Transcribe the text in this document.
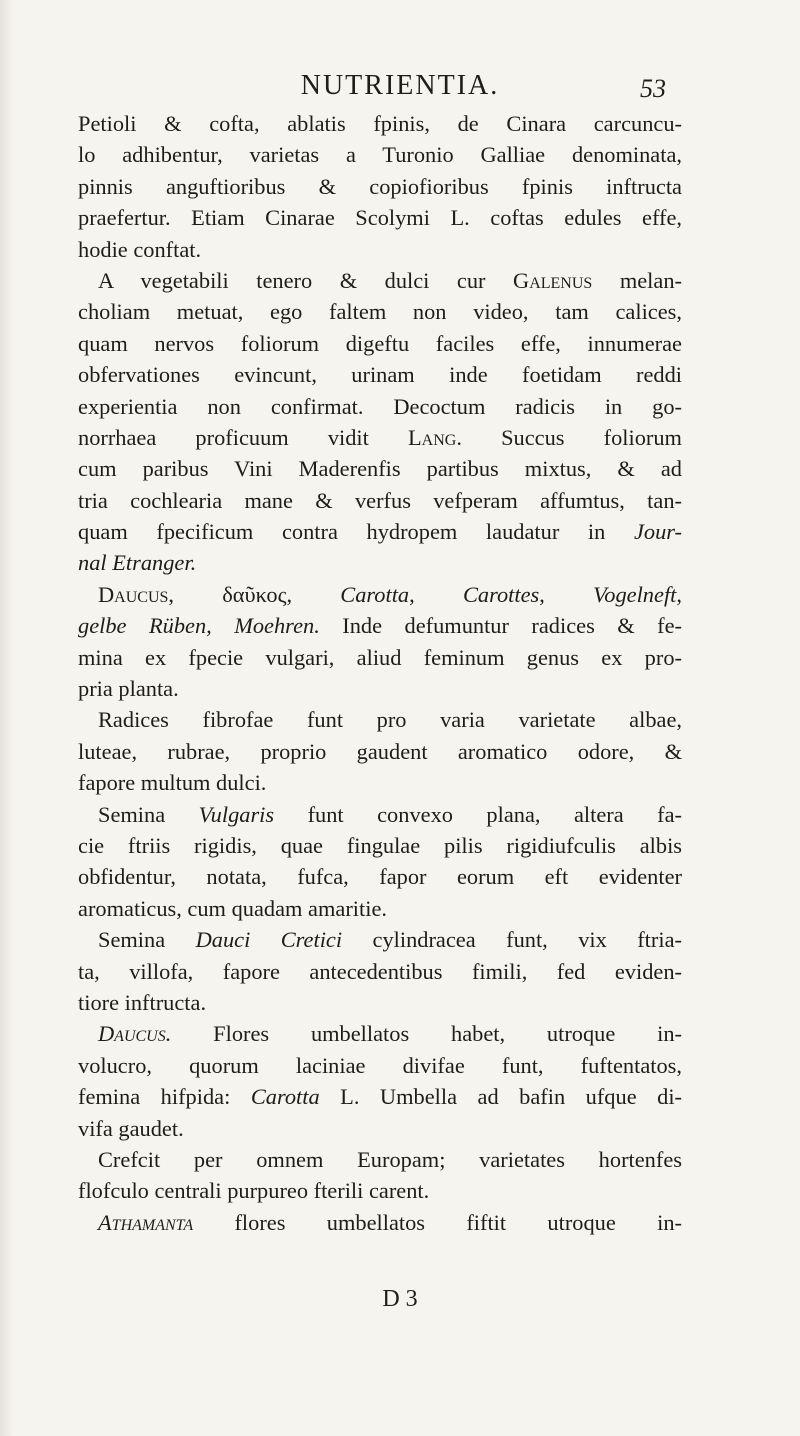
NUTRIENTIA.	53
Petioli & cofta, ablatis fpinis, de Cinara carcuncu-
lo adhibentur, varietas a Turonio Galliae denominata,
pinnis anguftioribus & copiofioribus fpinis inftructa
praefertur. Etiam Cinarae Scolymi L. coftas edules effe,
hodie conftat.
A vegetabili tenero & dulci cur Galenus melan-
choliam metuat, ego faltem non video, tam calices,
quam nervos foliorum digeftu faciles effe, innumerae
obfervationes evincunt, urinam inde foetidam reddi
experientia non confirmat. Decoctum radicis in go-
norrhaea proficuum vidit Lang. Succus foliorum
cum paribus Vini Maderenfis partibus mixtus, & ad
tria cochlearia mane & verfus vefperam affumtus, tan-
quam fpecificum contra hydropem laudatur in Jour-
nal Etranger.
Daucus, δαῦκος, Carotta, Carottes, Vogelneft,
gelbe Rüben, Moehren. Inde defumuntur radices & fe-
mina ex fpecie vulgari, aliud feminum genus ex pro-
pria planta.
Radices fibrofae funt pro varia varietate albae,
luteae, rubrae, proprio gaudent aromatico odore, &
fapore multum dulci.
Semina Vulgaris funt convexo plana, altera fa-
cie ftriis rigidis, quae fingulae pilis rigidiufculis albis
obfidentur, notata, fufca, fapor eorum eft evidenter
aromaticus, cum quadam amaritie.
Semina Dauci Cretici cylindracea funt, vix ftria-
ta, villofa, fapore antecedentibus fimili, fed eviden-
tiore inftructa.
Daucus. Flores umbellatos habet, utroque in-
volucro, quorum laciniae divifae funt, fuftentatos,
femina hifpida: Carotta L. Umbella ad bafin ufque di-
vifa gaudet.
Crefcit per omnem Europam; varietates hortenfes
flofculo centrali purpureo fterili carent.
Athamanta flores umbellatos fiftit utroque in-
D 3
